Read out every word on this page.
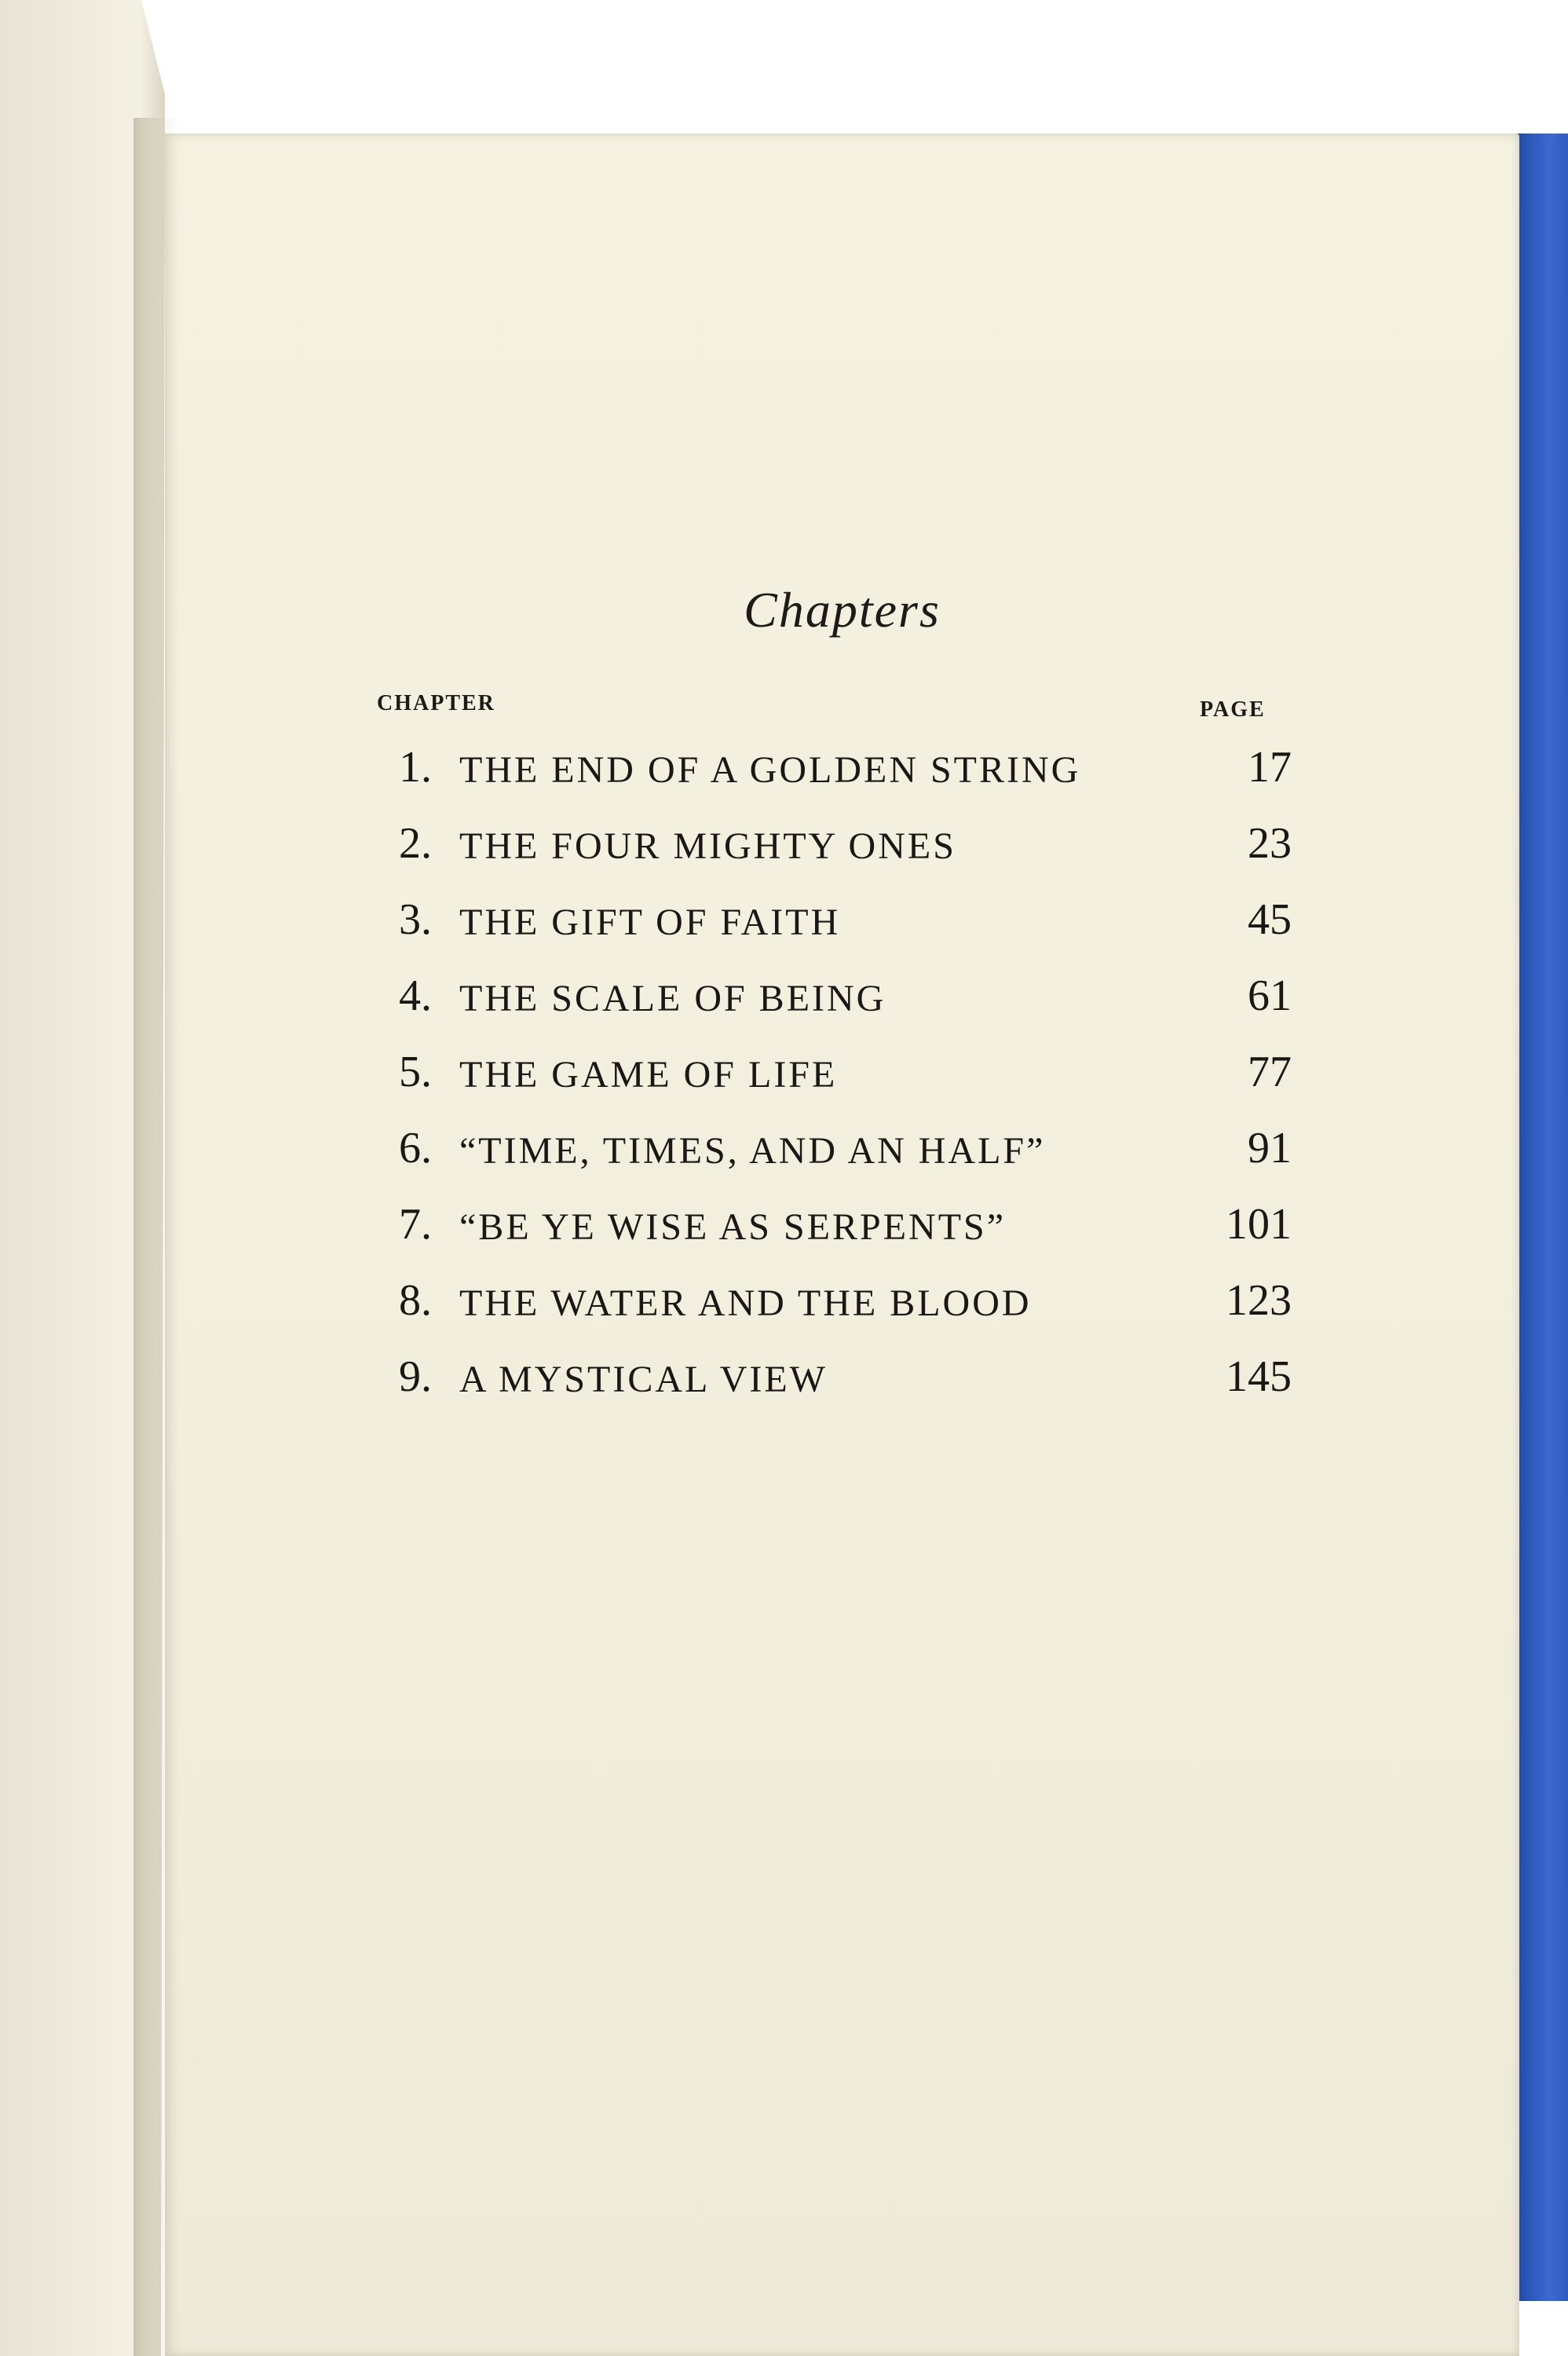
Chapters
CHAPTER	PAGE
1. THE END OF A GOLDEN STRING	17
2. THE FOUR MIGHTY ONES	23
3. THE GIFT OF FAITH	45
4. THE SCALE OF BEING	61
5. THE GAME OF LIFE	77
6. “TIME, TIMES, AND AN HALF”	91
7. “BE YE WISE AS SERPENTS”	101
8. THE WATER AND THE BLOOD	123
9. A MYSTICAL VIEW	145
